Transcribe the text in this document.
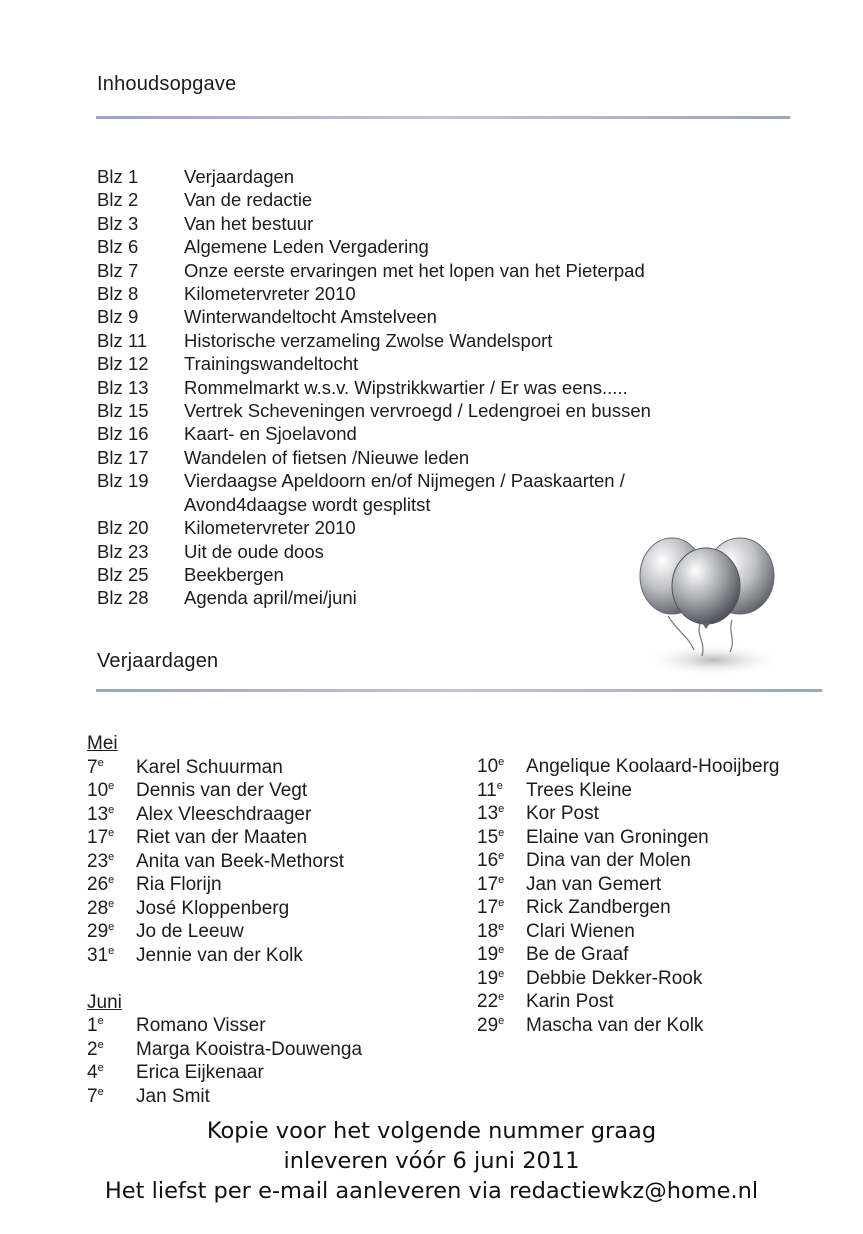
Inhoudsopgave
Blz 1	Verjaardagen
Blz 2	Van de redactie
Blz 3	Van het bestuur
Blz 6	Algemene Leden Vergadering
Blz 7	Onze eerste ervaringen met het lopen van het Pieterpad
Blz 8	Kilometervreter 2010
Blz 9	Winterwandeltocht Amstelveen
Blz 11	Historische verzameling Zwolse Wandelsport
Blz 12	Trainingswandeltocht
Blz 13	Rommelmarkt w.s.v. Wipstrikkwartier / Er was eens.....
Blz 15	Vertrek Scheveningen vervroegd / Ledengroei en bussen
Blz 16	Kaart- en Sjoelavond
Blz 17	Wandelen of fietsen /Nieuwe leden
Blz 19	Vierdaagse Apeldoorn en/of Nijmegen / Paaskaarten /
Avond4daagse wordt gesplitst
Blz 20	Kilometervreter 2010
Blz 23	Uit de oude doos
Blz 25	Beekbergen
Blz 28	Agenda april/mei/juni
Verjaardagen
Mei
7e	Karel Schuurman
10e	Dennis van der Vegt
13e	Alex Vleeschdraager
17e	Riet van der Maaten
23e	Anita van Beek-Methorst
26e	Ria Florijn
28e	José Kloppenberg
29e	Jo de Leeuw
31e	Jennie van der Kolk
Juni
1e	Romano Visser
2e	Marga Kooistra-Douwenga
4e	Erica Eijkenaar
7e	Jan Smit
10e	Angelique Koolaard-Hooijberg
11e	Trees Kleine
13e	Kor Post
15e	Elaine van Groningen
16e	Dina van der Molen
17e	Jan van Gemert
17e	Rick Zandbergen
18e	Clari Wienen
19e	Be de Graaf
19e	Debbie Dekker-Rook
22e	Karin Post
29e	Mascha van der Kolk
Kopie voor het volgende nummer graag
inleveren vóór 6 juni 2011
Het liefst per e-mail aanleveren via redactiewkz@home.nl
